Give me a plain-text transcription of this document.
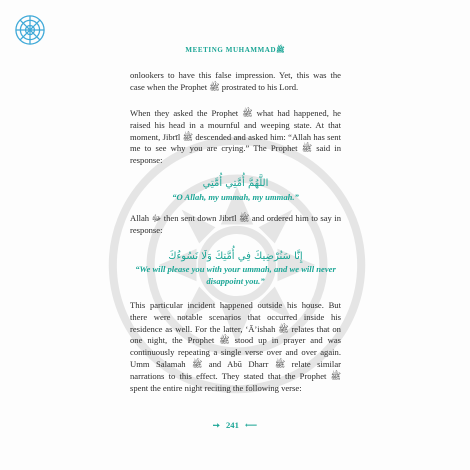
MEETING MUHAMMADﷺ

onlookers to have this false impression. Yet, this was the case when the Prophet ﷺ prostrated to his Lord.

When they asked the Prophet ﷺ what had happened, he raised his head in a mournful and weeping state. At that moment, Jibrīl ﷺ descended and asked him: “Allah has sent me to see why you are crying.” The Prophet ﷺ said in response:

اللَّهُمَّ أُمَّتِي أُمَّتِي
“O Allah, my ummah, my ummah.”

Allah ﷻ then sent down Jibrīl ﷺ and ordered him to say in response:

إِنَّا سَنُرْضِيكَ فِي أُمَّتِكَ وَلَا نَسُوءُكَ
“We will please you with your ummah, and we will never disappoint you.”

This particular incident happened outside his house. But there were notable scenarios that occurred inside his residence as well. For the latter, ‘Ā’ishah ﷺ relates that on one night, the Prophet ﷺ stood up in prayer and was continuously repeating a single verse over and over again. Umm Salamah ﷺ and Abū Dharr ﷺ relate similar narrations to this effect. They stated that the Prophet ﷺ spent the entire night reciting the following verse:

➙ 241 ⟵
